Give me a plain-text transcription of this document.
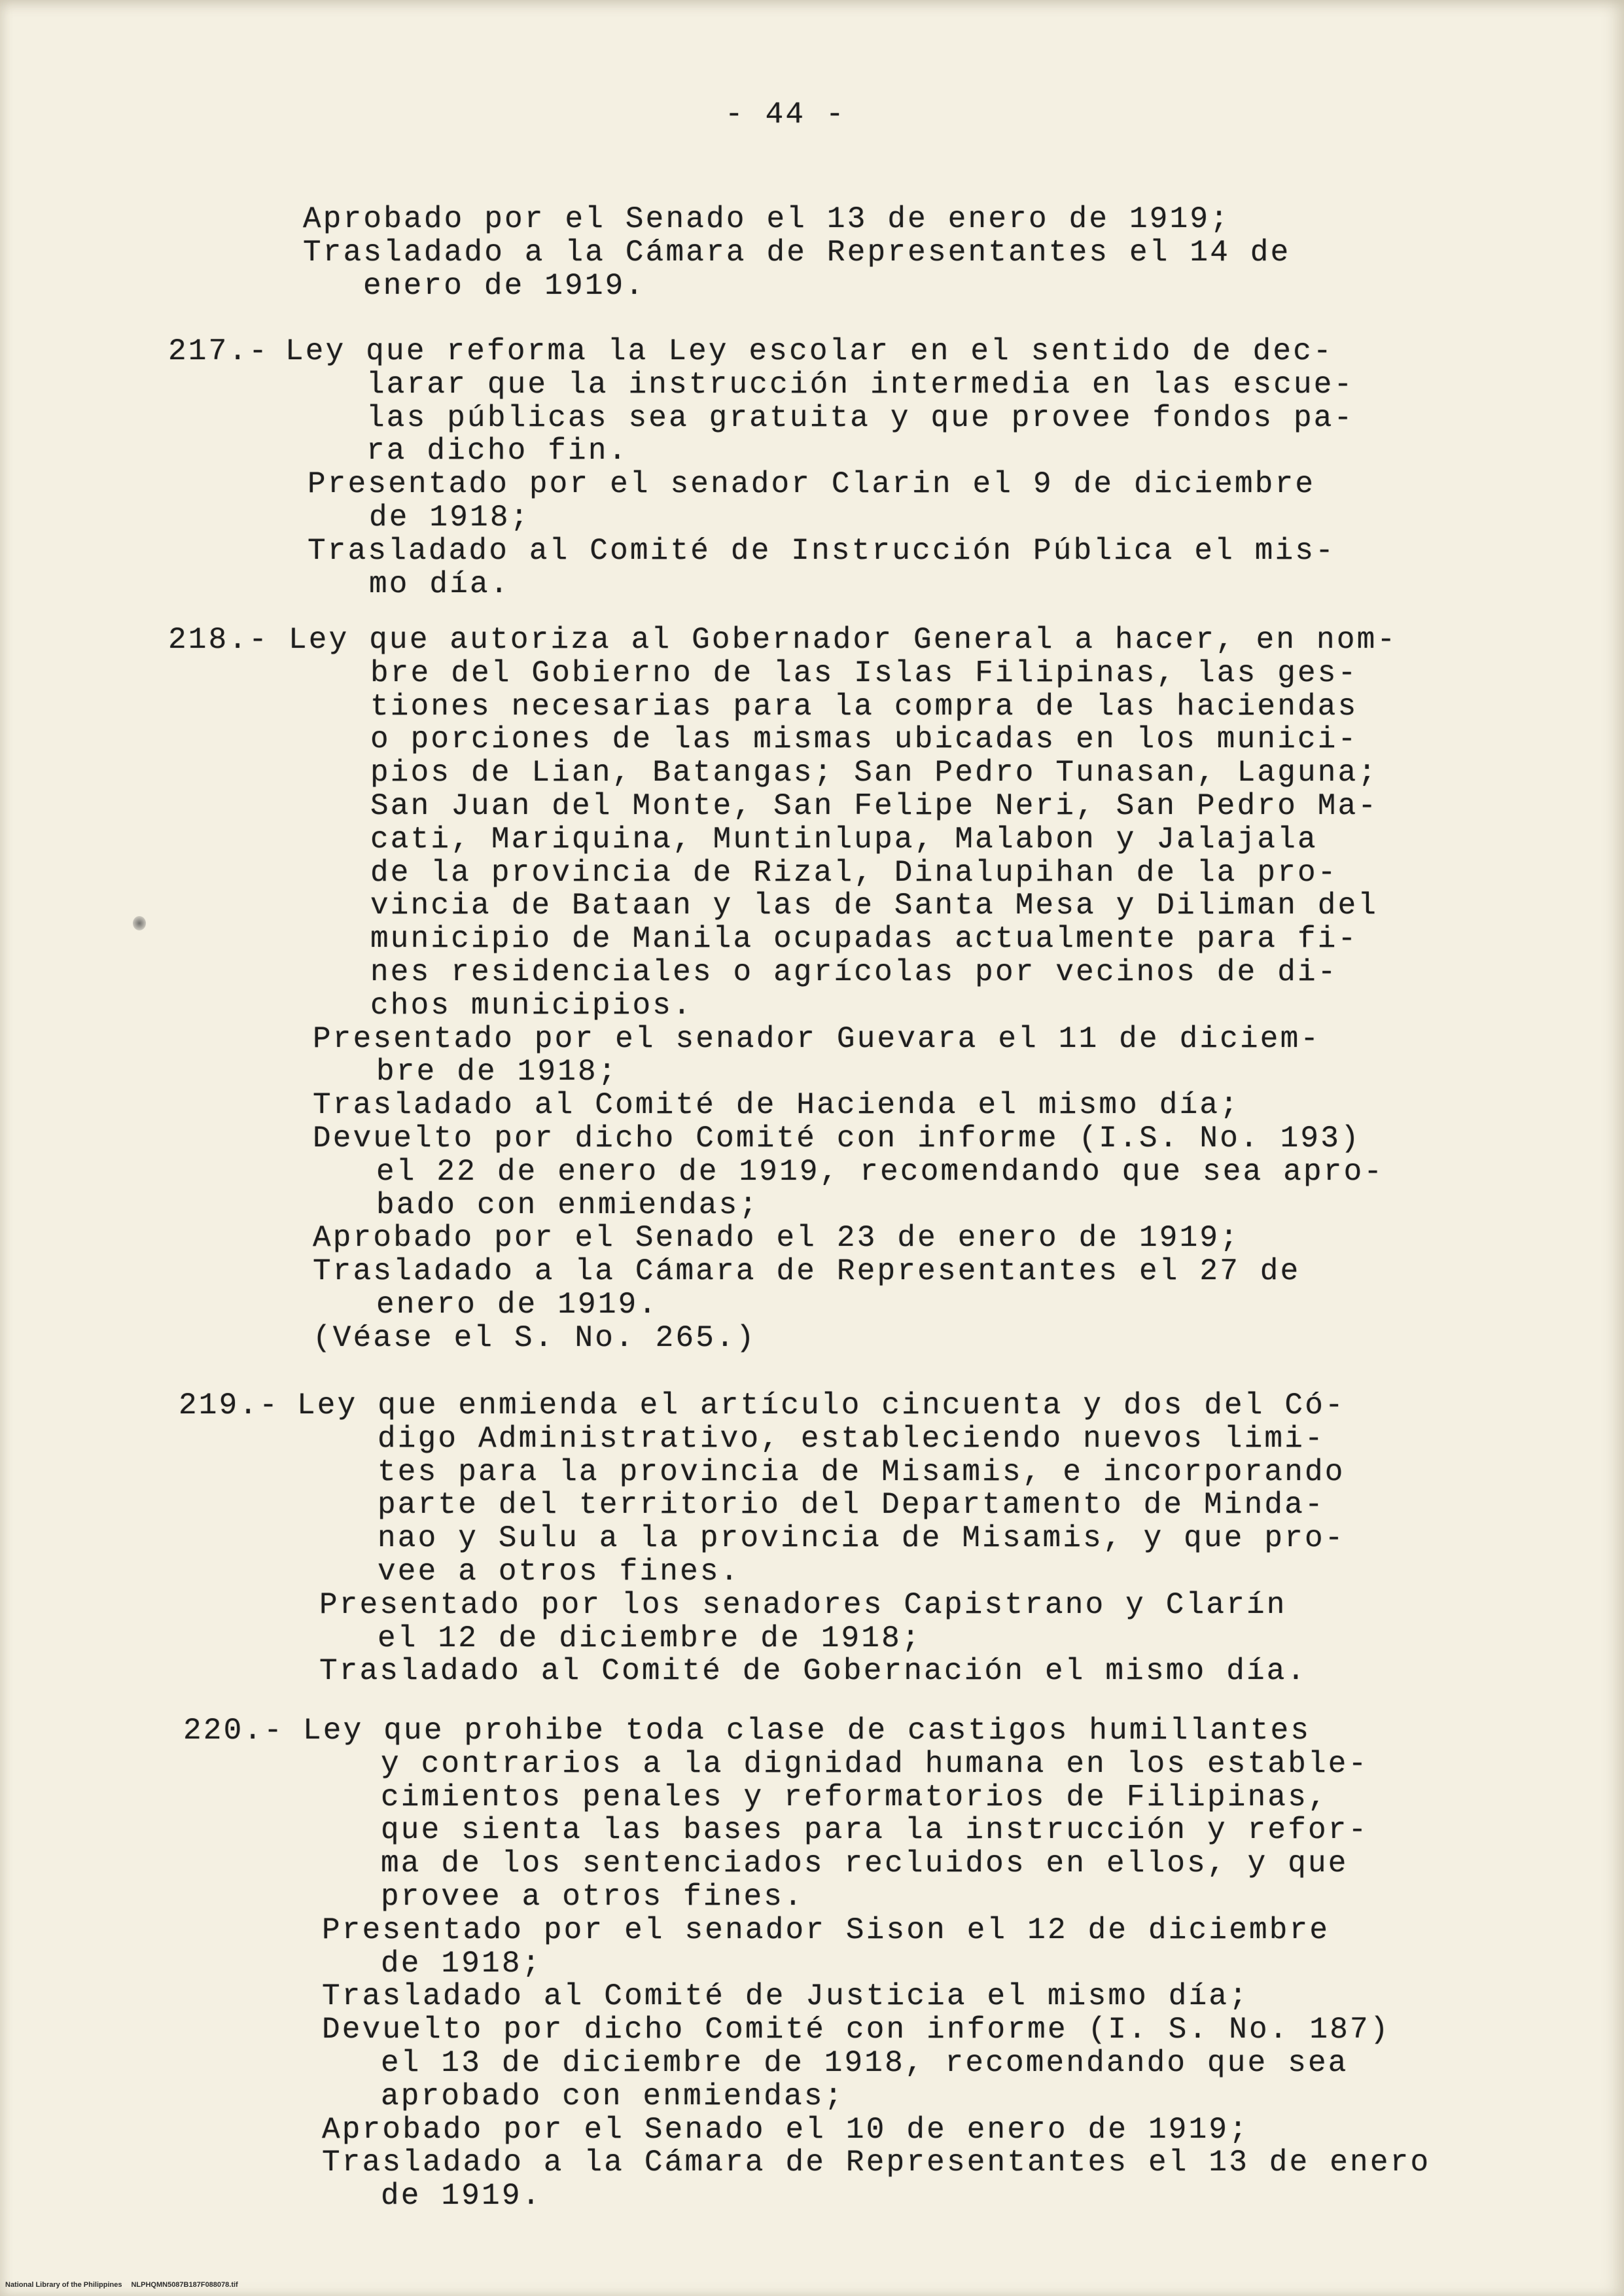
- 44 -
Aprobado por el Senado el 13 de enero de 1919;
Trasladado a la Cámara de Representantes el 14 de
enero de 1919.
217.- Ley que reforma la Ley escolar en el sentido de dec-
larar que la instrucción intermedia en las escue-
las públicas sea gratuita y que provee fondos pa-
ra dicho fin.
Presentado por el senador Clarin el 9 de diciembre
de 1918;
Trasladado al Comité de Instrucción Pública el mis-
mo día.
218.- Ley que autoriza al Gobernador General a hacer, en nom-
bre del Gobierno de las Islas Filipinas, las ges-
tiones necesarias para la compra de las haciendas
o porciones de las mismas ubicadas en los munici-
pios de Lian, Batangas; San Pedro Tunasan, Laguna;
San Juan del Monte, San Felipe Neri, San Pedro Ma-
cati, Mariquina, Muntinlupa, Malabon y Jalajala
de la provincia de Rizal, Dinalupihan de la pro-
vincia de Bataan y las de Santa Mesa y Diliman del
municipio de Manila ocupadas actualmente para fi-
nes residenciales o agrícolas por vecinos de di-
chos municipios.
Presentado por el senador Guevara el 11 de diciem-
bre de 1918;
Trasladado al Comité de Hacienda el mismo día;
Devuelto por dicho Comité con informe (I.S. No. 193)
el 22 de enero de 1919, recomendando que sea apro-
bado con enmiendas;
Aprobado por el Senado el 23 de enero de 1919;
Trasladado a la Cámara de Representantes el 27 de
enero de 1919.
(Véase el S. No. 265.)
219.- Ley que enmienda el artículo cincuenta y dos del Có-
digo Administrativo, estableciendo nuevos limi-
tes para la provincia de Misamis, e incorporando
parte del territorio del Departamento de Minda-
nao y Sulu a la provincia de Misamis, y que pro-
vee a otros fines.
Presentado por los senadores Capistrano y Clarín
el 12 de diciembre de 1918;
Trasladado al Comité de Gobernación el mismo día.
220.- Ley que prohibe toda clase de castigos humillantes
y contrarios a la dignidad humana en los estable-
cimientos penales y reformatorios de Filipinas,
que sienta las bases para la instrucción y refor-
ma de los sentenciados recluidos en ellos, y que
provee a otros fines.
Presentado por el senador Sison el 12 de diciembre
de 1918;
Trasladado al Comité de Justicia el mismo día;
Devuelto por dicho Comité con informe (I. S. No. 187)
el 13 de diciembre de 1918, recomendando que sea
aprobado con enmiendas;
Aprobado por el Senado el 10 de enero de 1919;
Trasladado a la Cámara de Representantes el 13 de enero
de 1919.
National Library of the Philippines NLPHQMN5087B187F088078.tif
